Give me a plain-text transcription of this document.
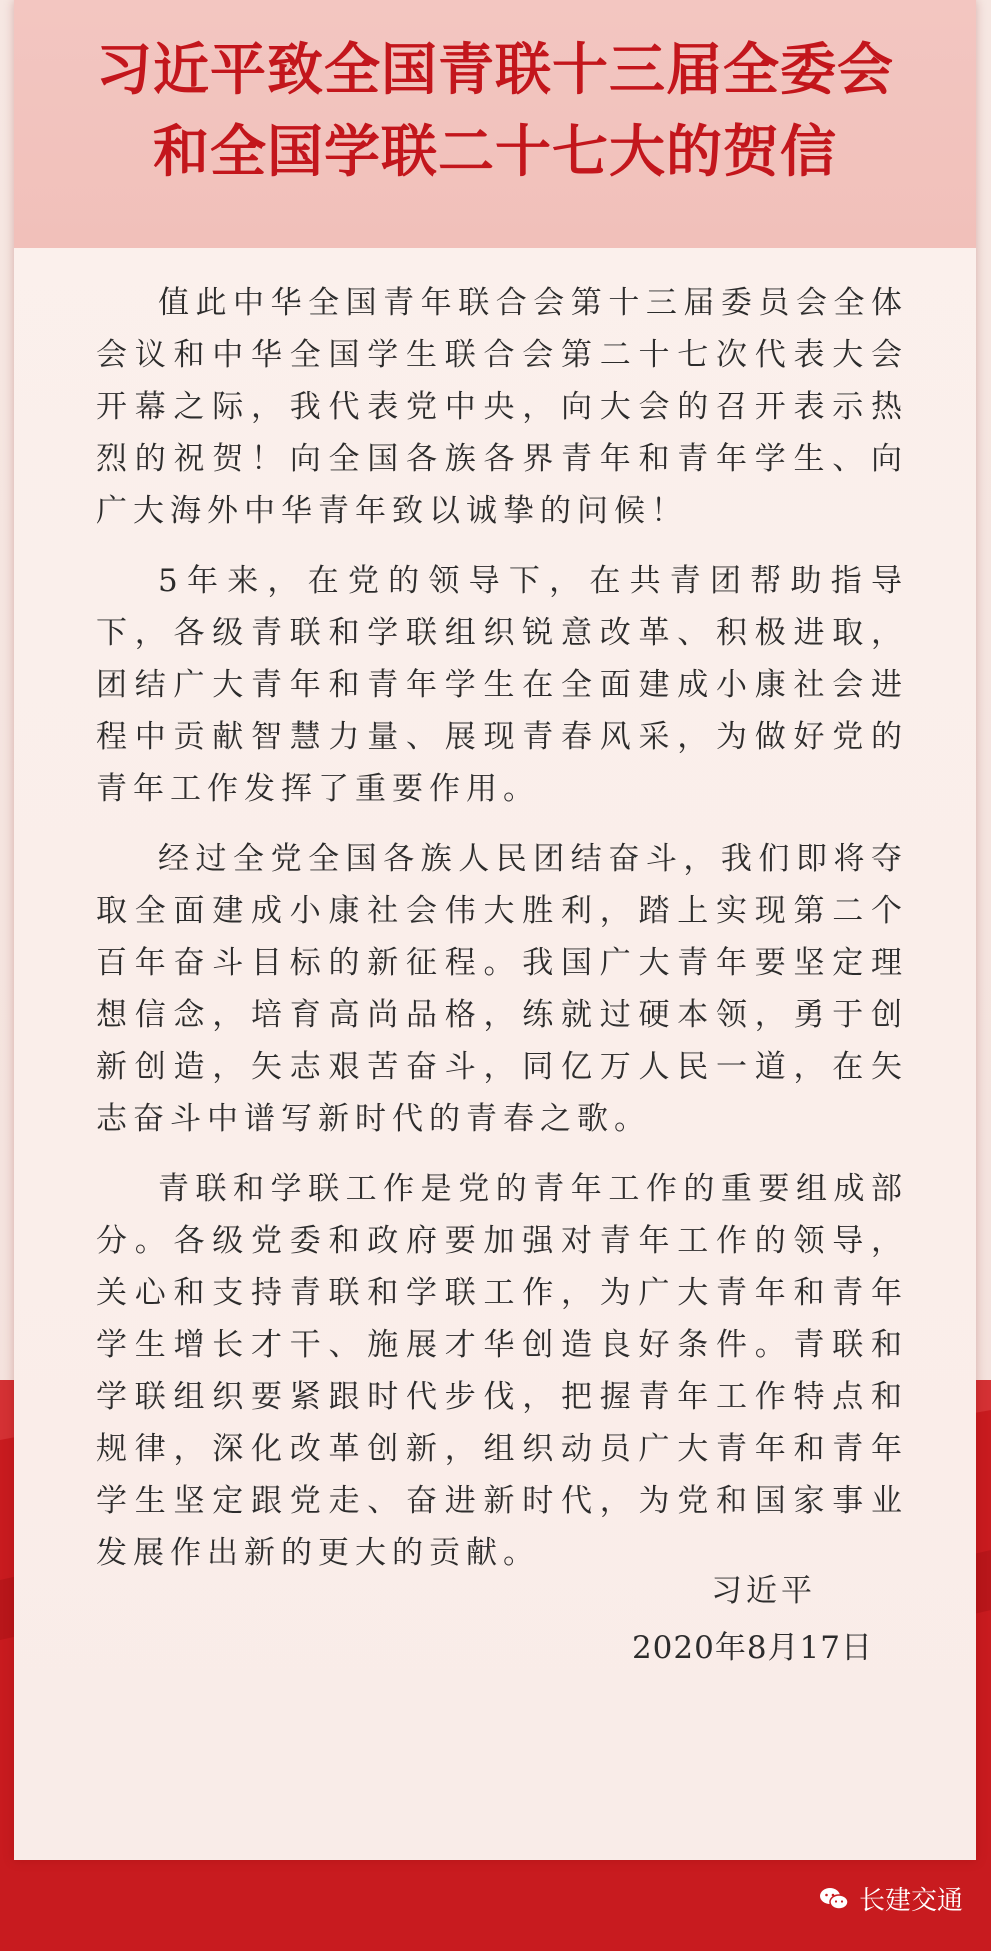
习近平致全国青联十三届全委会
和全国学联二十七大的贺信

值此中华全国青年联合会第十三届委员会全体会议和中华全国学生联合会第二十七次代表大会开幕之际，我代表党中央，向大会的召开表示热烈的祝贺！向全国各族各界青年和青年学生、向广大海外中华青年致以诚挚的问候！

5年来，在党的领导下，在共青团帮助指导下，各级青联和学联组织锐意改革、积极进取，团结广大青年和青年学生在全面建成小康社会进程中贡献智慧力量、展现青春风采，为做好党的青年工作发挥了重要作用。

经过全党全国各族人民团结奋斗，我们即将夺取全面建成小康社会伟大胜利，踏上实现第二个百年奋斗目标的新征程。我国广大青年要坚定理想信念，培育高尚品格，练就过硬本领，勇于创新创造，矢志艰苦奋斗，同亿万人民一道，在矢志奋斗中谱写新时代的青春之歌。

青联和学联工作是党的青年工作的重要组成部分。各级党委和政府要加强对青年工作的领导，关心和支持青联和学联工作，为广大青年和青年学生增长才干、施展才华创造良好条件。青联和学联组织要紧跟时代步伐，把握青年工作特点和规律，深化改革创新，组织动员广大青年和青年学生坚定跟党走、奋进新时代，为党和国家事业发展作出新的更大的贡献。

习近平
2020年8月17日
长建交通
